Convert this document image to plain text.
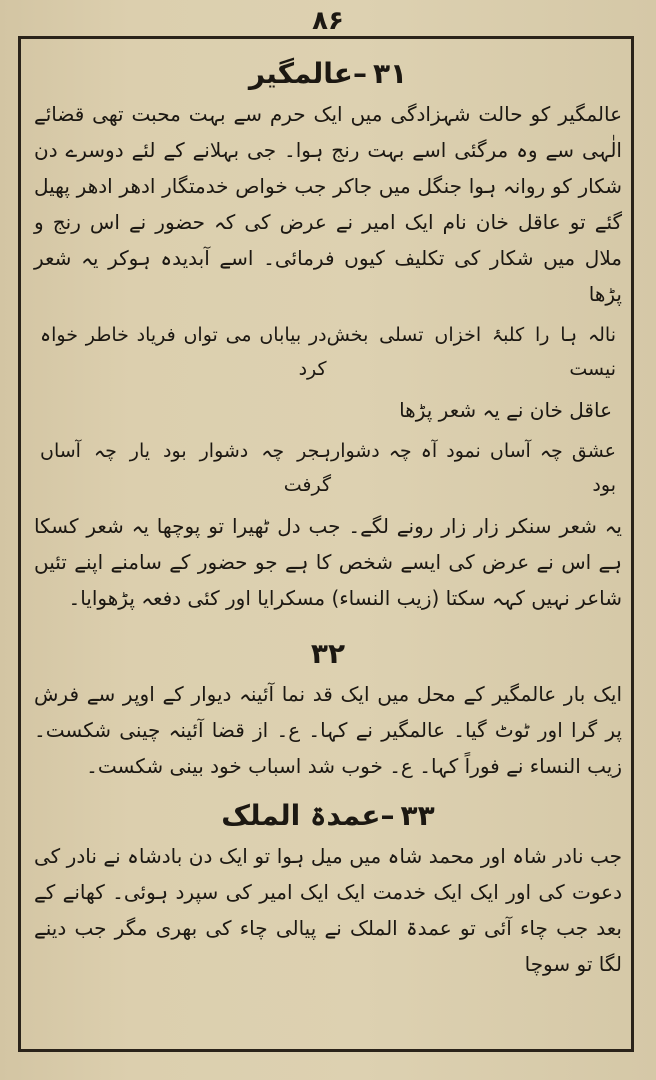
۸۶
۳۱–عالمگیر

عالمگیر کو حالت شہزادگی میں ایک حرم سے بہت محبت تھی قضائے الٰہی سے وہ مرگئی اسے بہت رنج ہوا۔ جی بہلانے کے لئے دوسرے دن شکار کو روانہ ہوا جنگل میں جاکر جب خواص خدمتگار ادھر ادھر پھیل گئے تو عاقل خان نام ایک امیر نے عرض کی کہ حضور نے اس رنج و ملال میں شکار کی تکلیف کیوں فرمائی۔ اسے آبدیدہ ہوکر یہ شعر پڑھا

نالہ ہا را کلبۂ اخزاں تسلی بخش نیست
در بیاباں می تواں فریاد خاطر خواہ کرد

عاقل خان نے یہ شعر پڑھا

عشق چہ آساں نمود آہ چہ دشوار بود
ہجر چہ دشوار بود یار چہ آساں گرفت

یہ شعر سنکر زار زار رونے لگے۔ جب دل ٹھیرا تو پوچھا یہ شعر کسکا ہے اس نے عرض کی ایسے شخص کا ہے جو حضور کے سامنے اپنے تئیں شاعر نہیں کہہ سکتا (زیب النساء) مسکرایا اور کئی دفعہ پڑھوایا۔

۳۲

ایک بار عالمگیر کے محل میں ایک قد نما آئینہ دیوار کے اوپر سے فرش پر گرا اور ٹوٹ گیا۔ عالمگیر نے کہا۔ ع۔ از قضا آئینہ چینی شکست۔ زیب النساء نے فوراً کہا۔ ع۔ خوب شد اسباب خود بینی شکست۔

۳۳–عمدۃ الملک

جب نادر شاہ اور محمد شاہ میں میل ہوا تو ایک دن بادشاہ نے نادر کی دعوت کی اور ایک ایک خدمت ایک ایک امیر کی سپرد ہوئی۔ کھانے کے بعد جب چاء آئی تو عمدۃ الملک نے پیالی چاء کی بھری مگر جب دینے لگا تو سوچا
